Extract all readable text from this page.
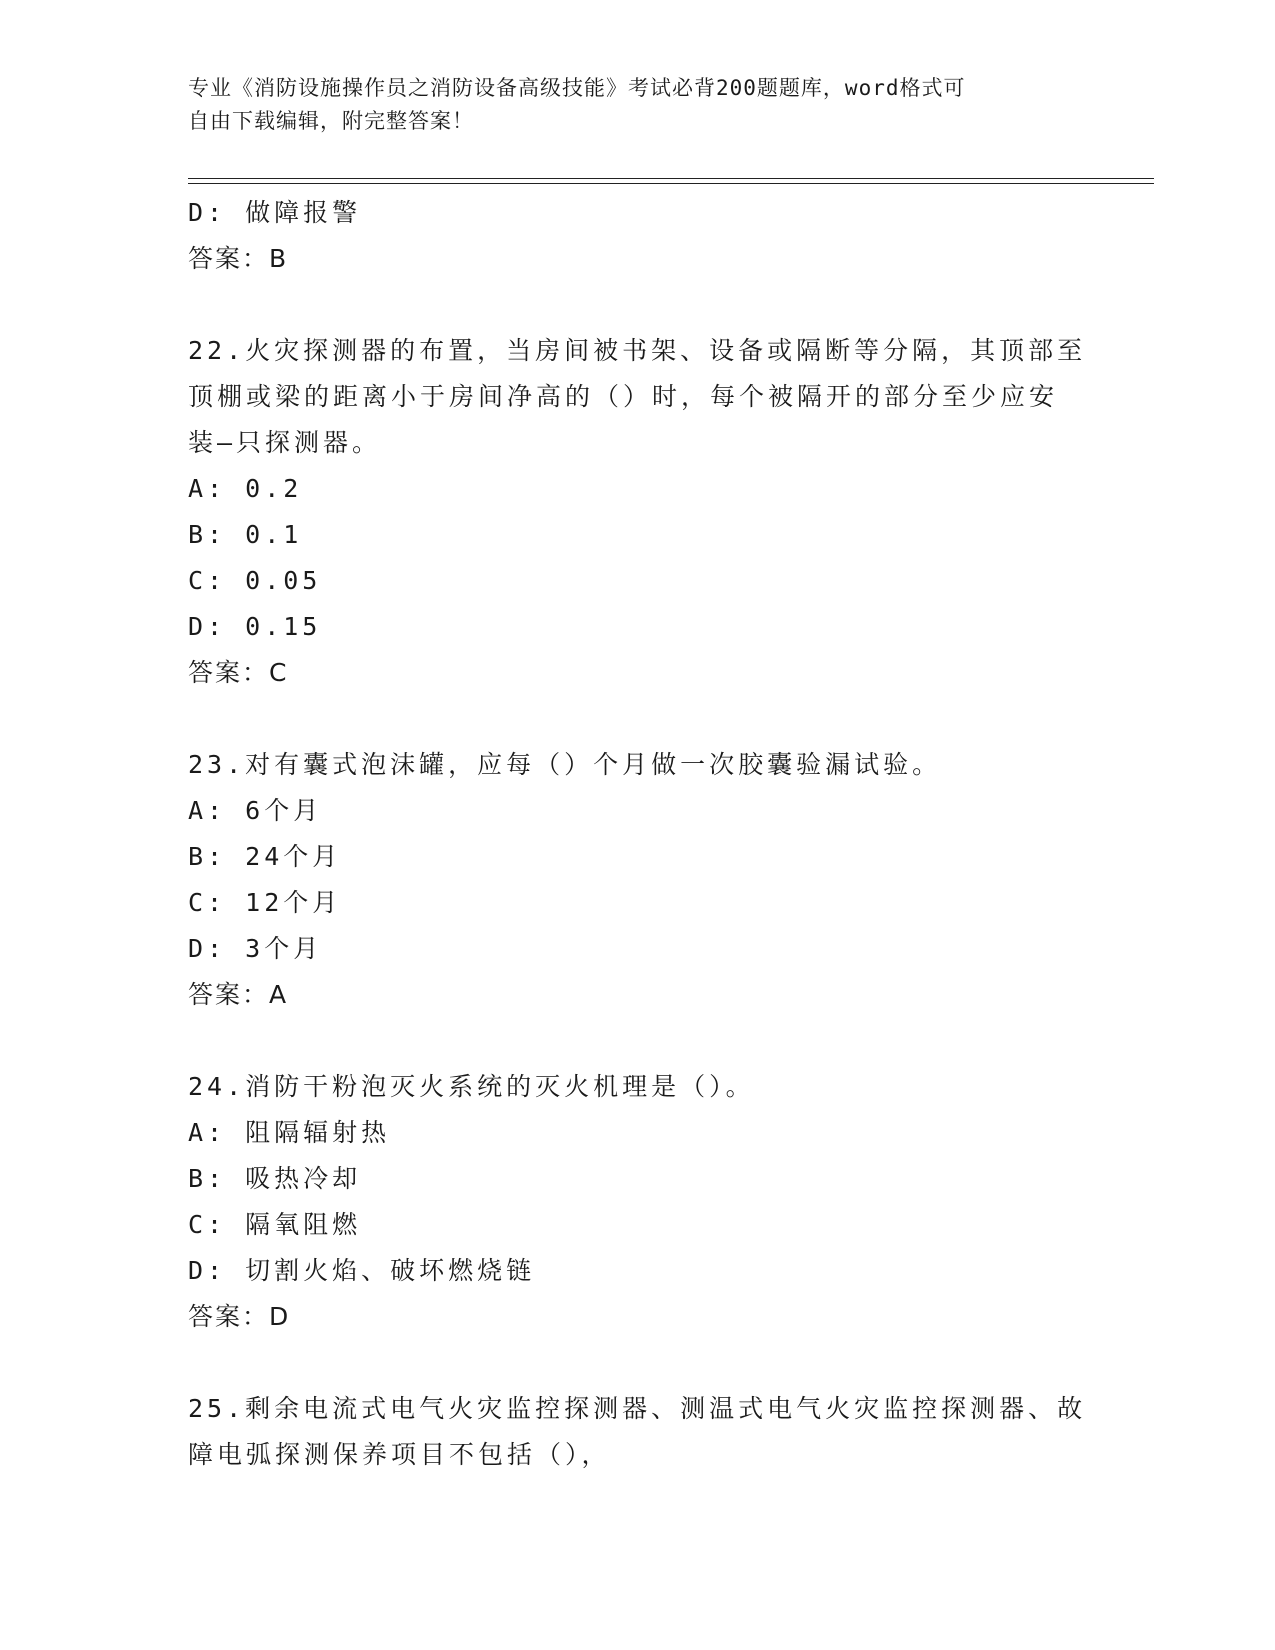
专业《消防设施操作员之消防设备高级技能》考试必背200题题库，word格式可
自由下载编辑，附完整答案！
D: 做障报警
答案：B
22.火灾探测器的布置，当房间被书架、设备或隔断等分隔，其顶部至
顶棚或梁的距离小于房间净高的（）时，每个被隔开的部分至少应安
装—只探测器。
A: 0.2
B: 0.1
C: 0.05
D: 0.15
答案：C
23.对有囊式泡沫罐，应每（）个月做一次胶囊验漏试验。
A: 6个月
B: 24个月
C: 12个月
D: 3个月
答案：A
24.消防干粉泡灭火系统的灭火机理是（）。
A: 阻隔辐射热
B: 吸热冷却
C: 隔氧阻燃
D: 切割火焰、破坏燃烧链
答案：D
25.剩余电流式电气火灾监控探测器、测温式电气火灾监控探测器、故
障电弧探测保养项目不包括（），
